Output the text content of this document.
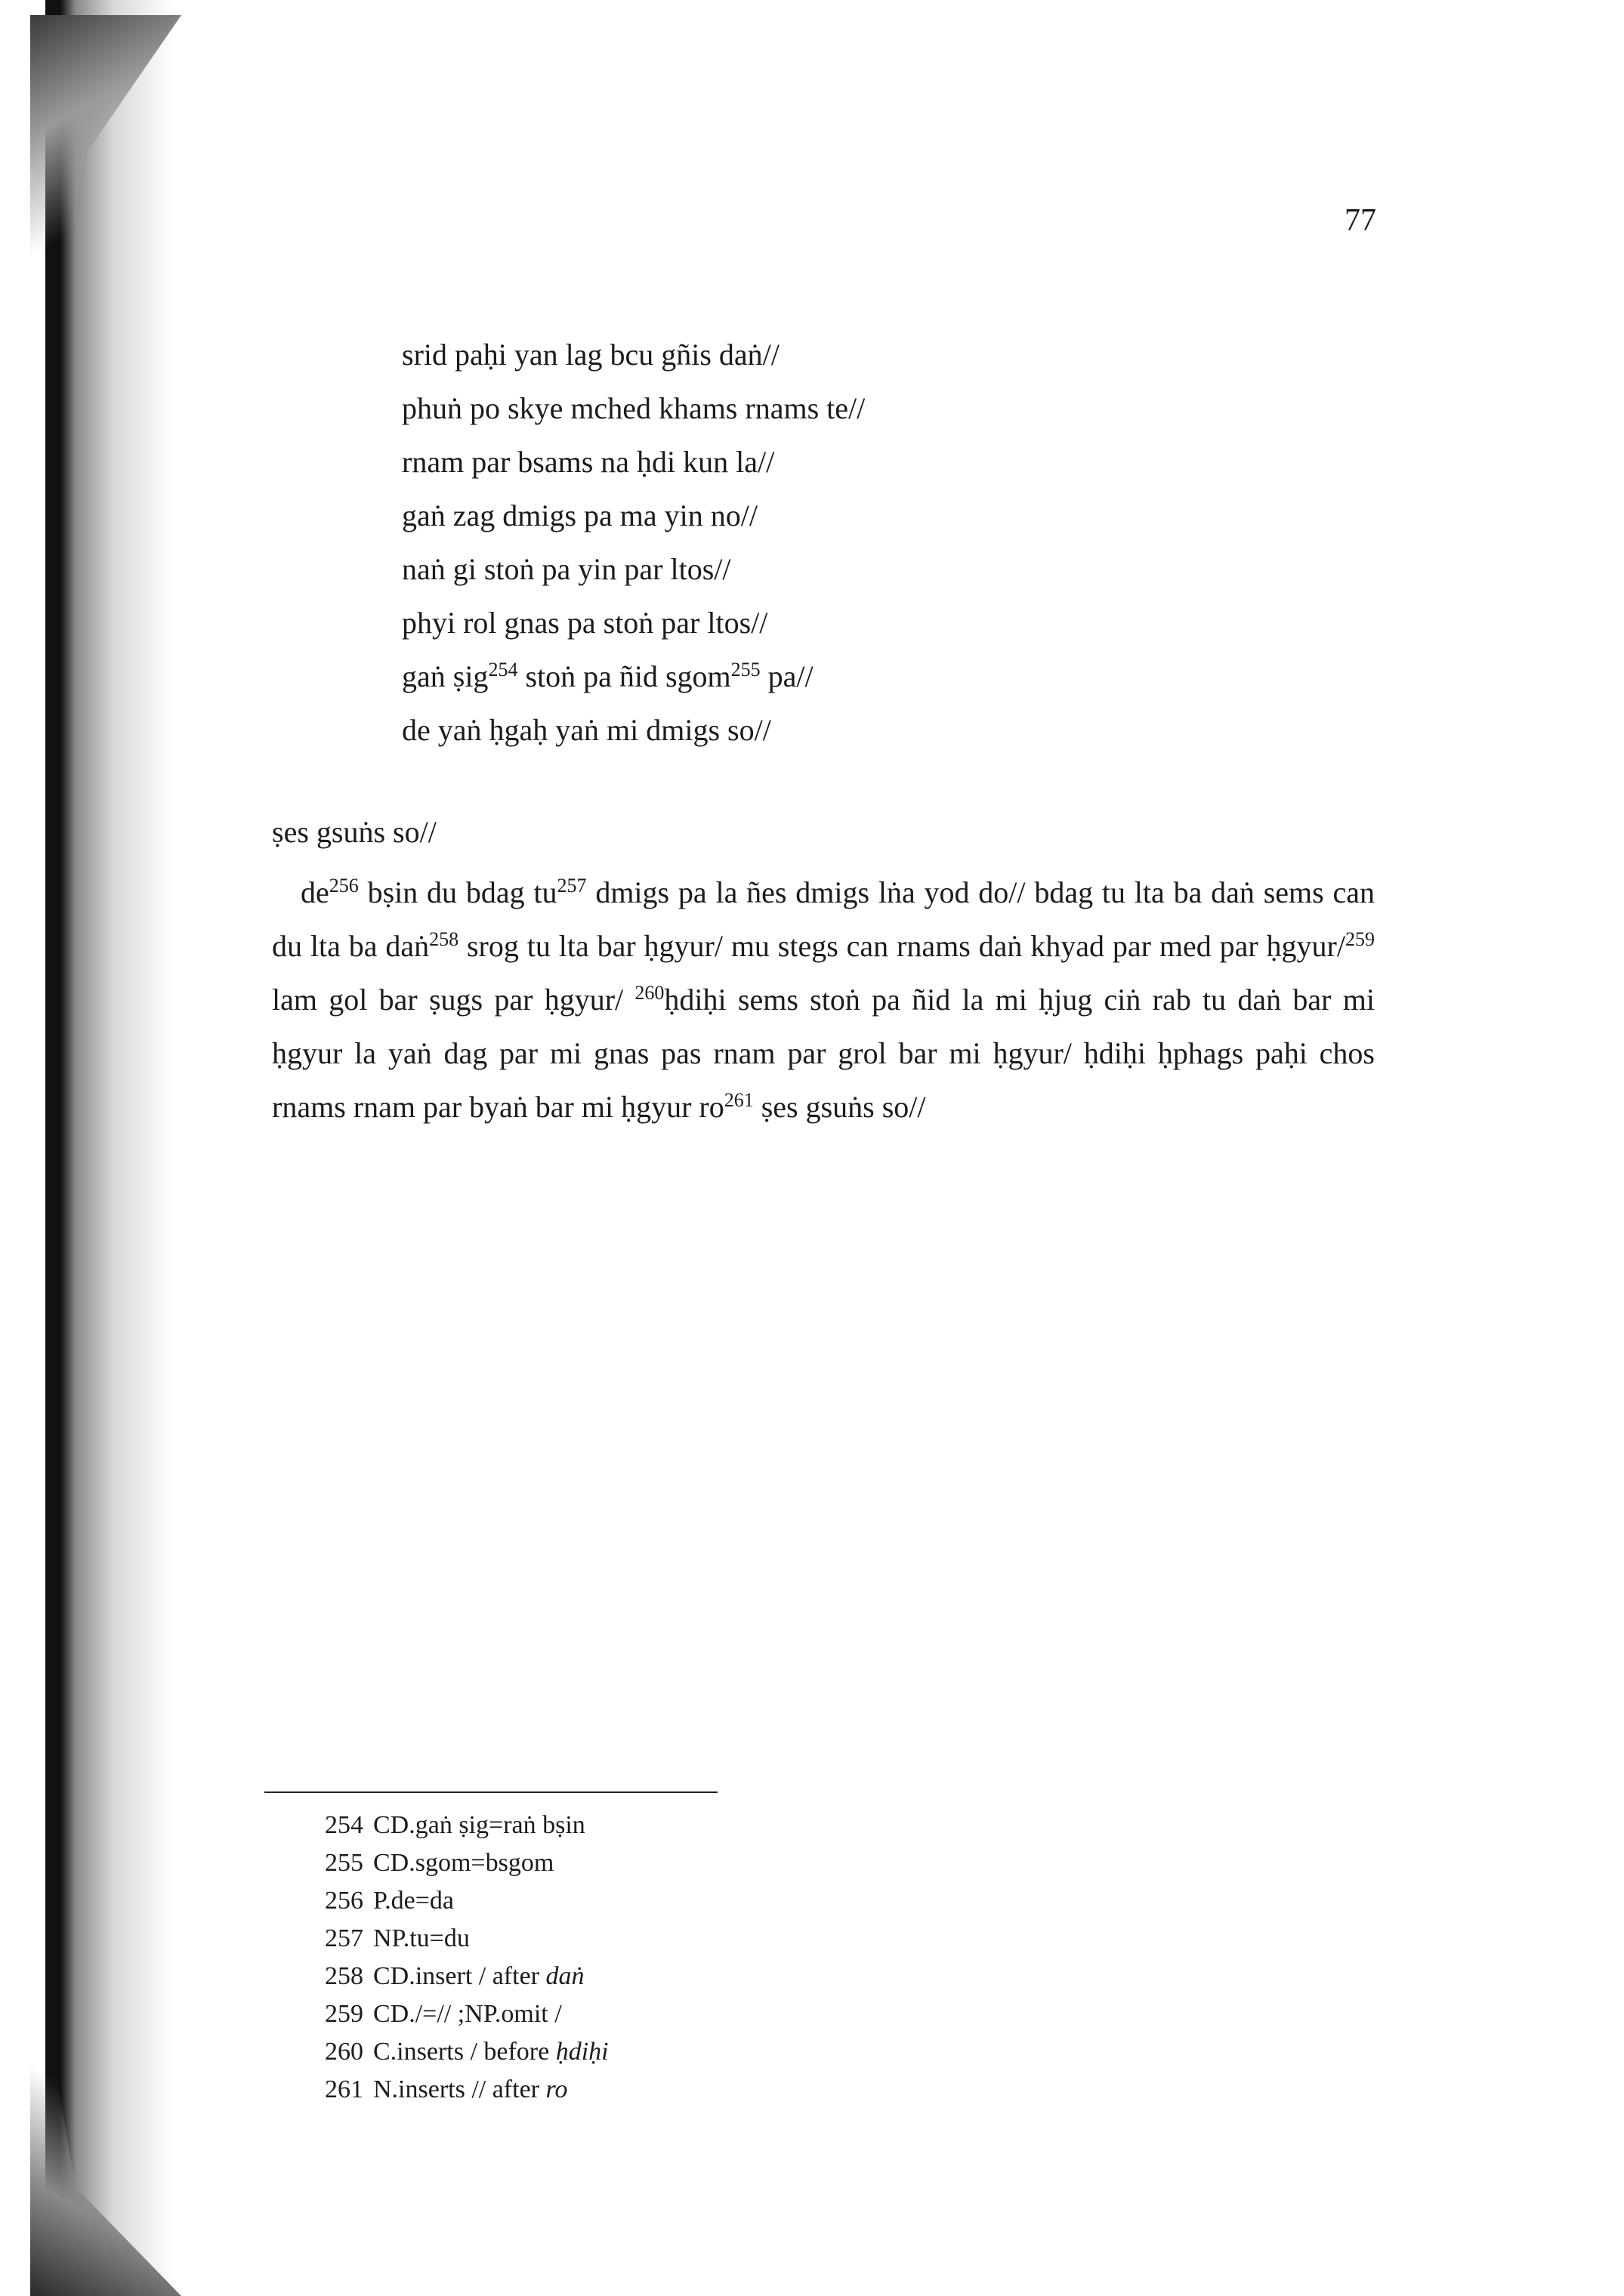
77
srid paḥi yan lag bcu gñis daṅ//
phuṅ po skye mched khams rnams te//
rnam par bsams na ḥdi kun la//
gaṅ zag dmigs pa ma yin no//
naṅ gi stoṅ pa yin par ltos//
phyi rol gnas pa stoṅ par ltos//
gaṅ ṣig$^{254}$ stoṅ pa ñid sgom$^{255}$ pa//
de yaṅ ḥgaḥ yaṅ mi dmigs so//

ṣes gsuṅs so//

$de^{256}$ bṣin du bdag $tu^{257}$ dmigs pa la ñes dmigs lṅa yod do// bdag tu lta ba daṅ sems can du lta ba daṅ$^{258}$ srog tu lta bar ḥgyur/ mu stegs can rnams daṅ khyad par med par ḥgyur/$^{259}$ lam gol bar ṣugs par ḥgyur/ $^{260}$ḥdiḥi sems stoṅ pa ñid la mi ḥjug ciṅ rab tu daṅ bar mi ḥgyur la yaṅ dag par mi gnas pas rnam par grol bar mi ḥgyur/ ḥdiḥi ḥphags paḥi chos rnams rnam par byaṅ bar mi ḥgyur $ro^{261}$ ṣes gsuṅs so//

254 CD.gaṅ ṣig=raṅ bṣin
255 CD.sgom=bsgom
256 P.de=da
257 NP.tu=du
258 CD.insert / after daṅ
259 CD./=// ;NP.omit /
260 C.inserts / before ḥdiḥi
261 N.inserts // after ro
